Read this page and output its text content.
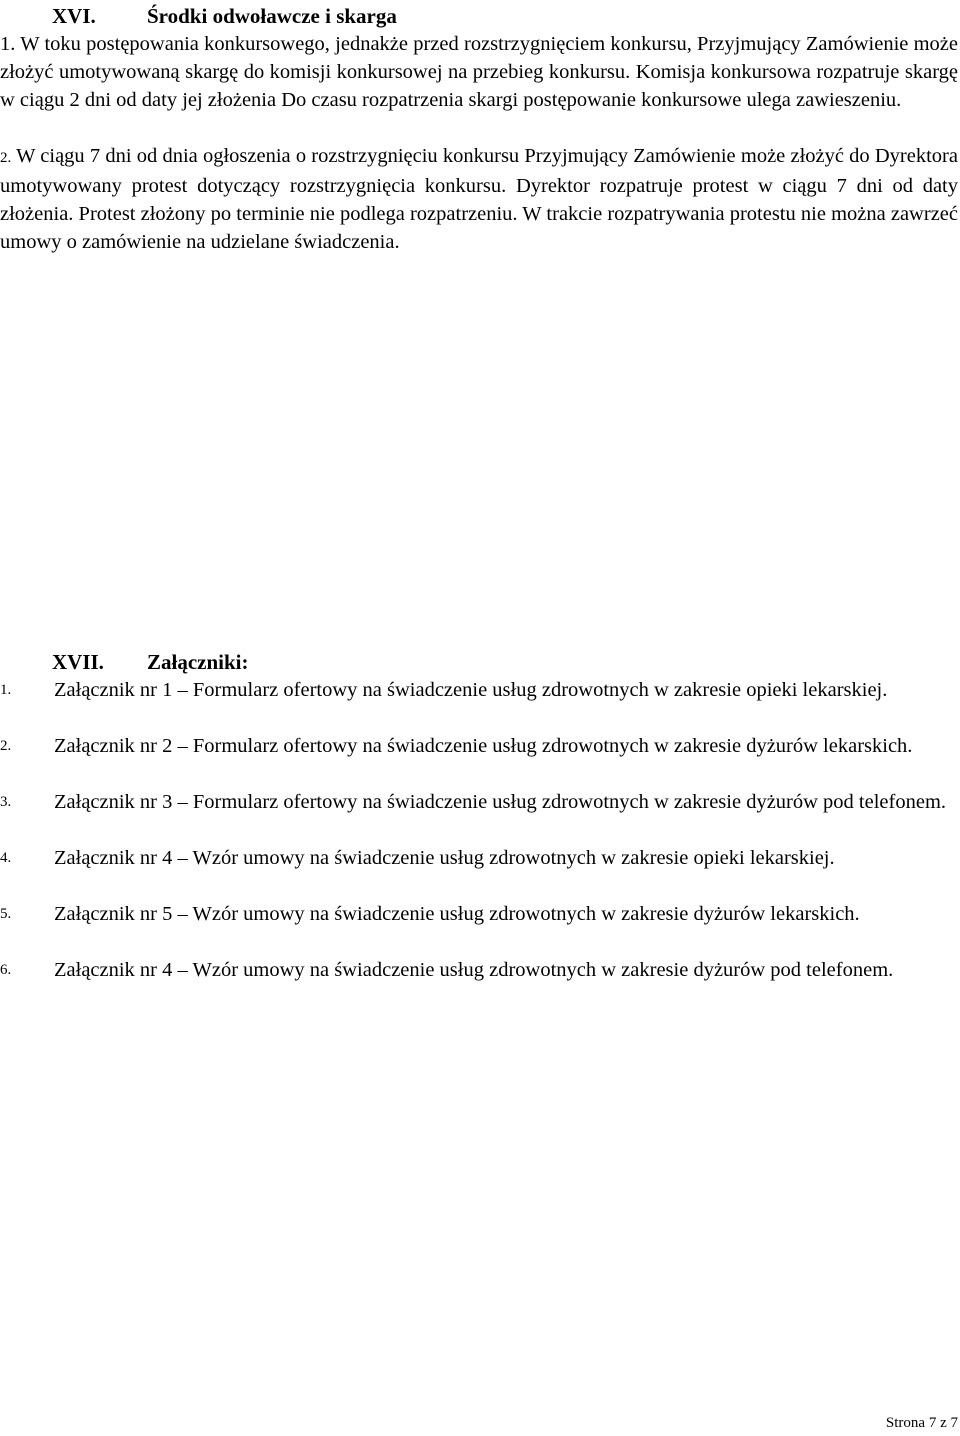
XVI. Środki odwoławcze i skarga
1. W toku postępowania konkursowego, jednakże przed rozstrzygnięciem konkursu, Przyjmujący Zamówienie może złożyć umotywowaną skargę do komisji konkursowej na przebieg konkursu. Komisja konkursowa rozpatruje skargę w ciągu 2 dni od daty jej złożenia Do czasu rozpatrzenia skargi postępowanie konkursowe ulega zawieszeniu.
2. W ciągu 7 dni od dnia ogłoszenia o rozstrzygnięciu konkursu Przyjmujący Zamówienie może złożyć do Dyrektora umotywowany protest dotyczący rozstrzygnięcia konkursu. Dyrektor rozpatruje protest w ciągu 7 dni od daty złożenia. Protest złożony po terminie nie podlega rozpatrzeniu. W trakcie rozpatrywania protestu nie można zawrzeć umowy o zamówienie na udzielane świadczenia.
XVII. Załączniki:
1.	Załącznik nr 1 – Formularz ofertowy na świadczenie usług zdrowotnych w zakresie opieki lekarskiej.
2.	Załącznik nr 2 – Formularz ofertowy na świadczenie usług zdrowotnych w zakresie dyżurów lekarskich.
3.	Załącznik nr 3 – Formularz ofertowy na świadczenie usług zdrowotnych w zakresie dyżurów pod telefonem.
4.	Załącznik nr 4 – Wzór umowy na świadczenie usług zdrowotnych w zakresie opieki lekarskiej.
5.	Załącznik nr 5 – Wzór umowy na świadczenie usług zdrowotnych w zakresie dyżurów lekarskich.
6.	Załącznik nr 4 – Wzór umowy na świadczenie usług zdrowotnych w zakresie dyżurów pod telefonem.
Strona 7 z 7
